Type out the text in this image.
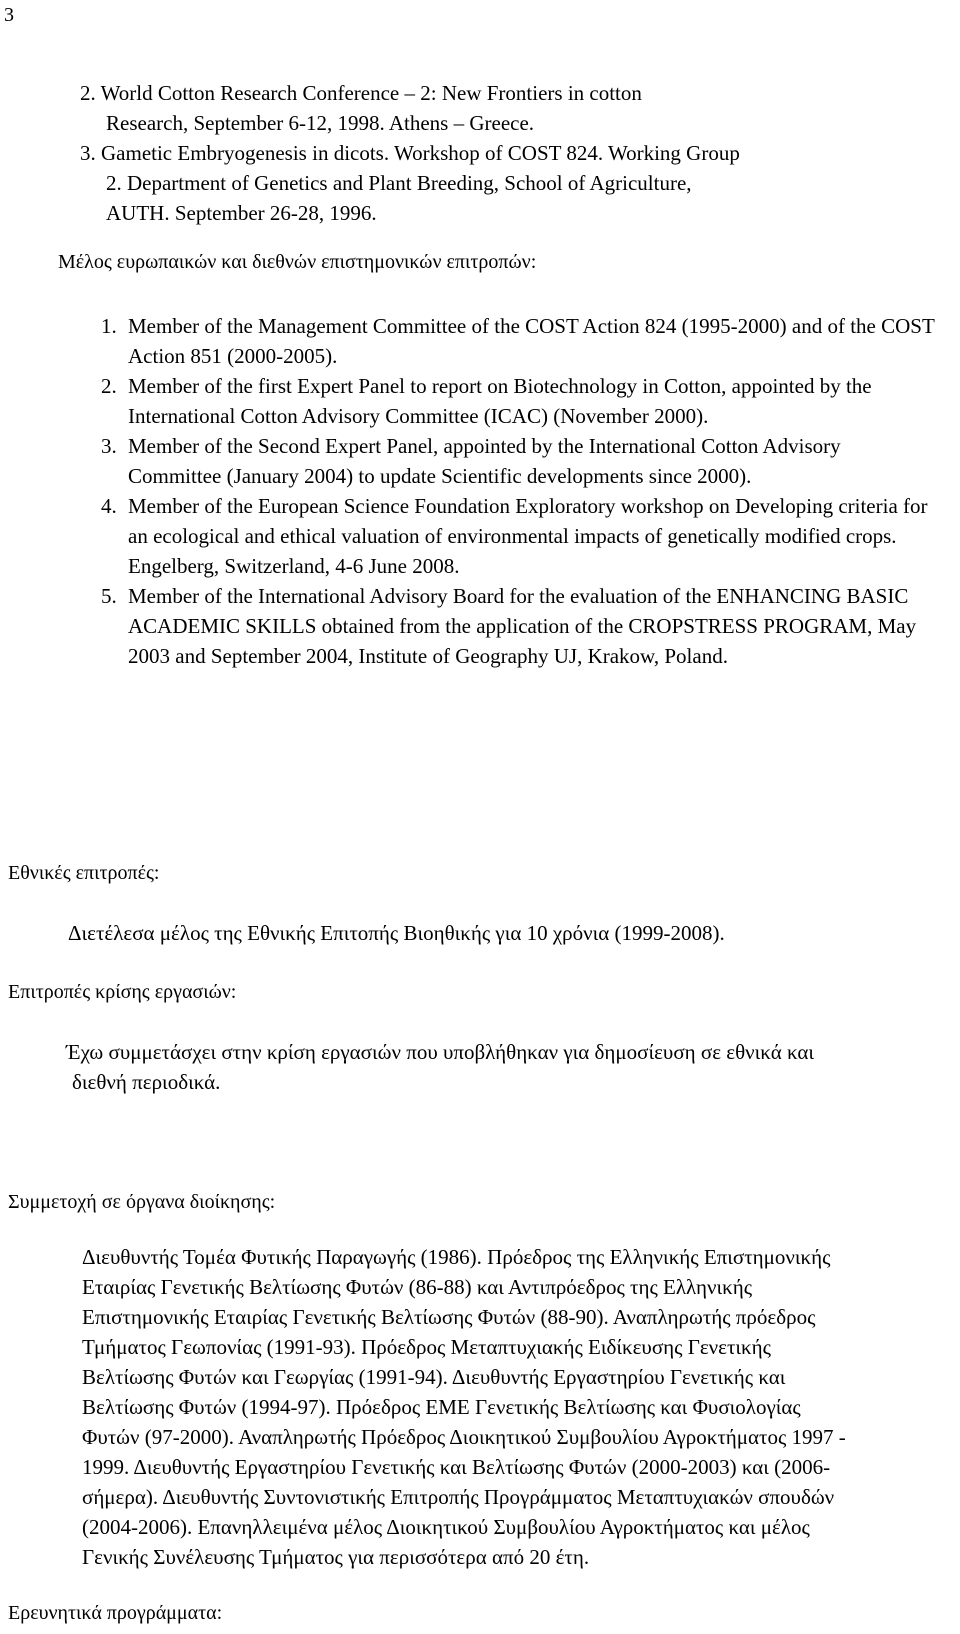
3
2. World Cotton Research Conference – 2: New Frontiers in cotton
Research, September 6-12, 1998. Athens – Greece.
3. Gametic Embryogenesis in dicots. Workshop of COST 824. Working Group
2. Department of Genetics and Plant Breeding, School of Agriculture,
AUTH. September 26-28, 1996.
Μέλος ευρωπαικών και διεθνών επιστημονικών επιτροπών:
1. Member of the Management Committee of the COST Action 824 (1995-2000) and of the COST Action 851 (2000-2005).
2. Member of the first Expert Panel to report on Biotechnology in Cotton, appointed by the International Cotton Advisory Committee (ICAC) (November 2000).
3. Member of the Second Expert Panel, appointed by the International Cotton Advisory Committee (January 2004) to update Scientific developments since 2000).
4. Member of the European Science Foundation Exploratory workshop on Developing criteria for an ecological and ethical valuation of environmental impacts of genetically modified crops. Engelberg, Switzerland, 4-6 June 2008.
5. Member of the International Advisory Board for the evaluation of the ENHANCING BASIC ACADEMIC SKILLS obtained from the application of the CROPSTRESS PROGRAM, May 2003 and September 2004, Institute of Geography UJ, Krakow, Poland.
Εθνικές επιτροπές:
Διετέλεσα μέλος της Εθνικής Επιτοπής Βιοηθικής για 10 χρόνια (1999-2008).
Επιτροπές κρίσης εργασιών:
Έχω συμμετάσχει στην κρίση εργασιών που υποβλήθηκαν για δημοσίευση σε εθνικά και
διεθνή περιοδικά.
Συμμετοχή σε όργανα διοίκησης:
Διευθυντής Τομέα Φυτικής Παραγωγής (1986). Πρόεδρος της Ελληνικής Επιστημονικής
Εταιρίας Γενετικής Βελτίωσης Φυτών (86-88) και Αντιπρόεδρος της Ελληνικής
Επιστημονικής Εταιρίας Γενετικής Βελτίωσης Φυτών (88-90). Αναπληρωτής πρόεδρος
Τμήματος Γεωπονίας (1991-93). Πρόεδρος Μεταπτυχιακής Ειδίκευσης Γενετικής
Βελτίωσης Φυτών και Γεωργίας (1991-94). Διευθυντής Εργαστηρίου Γενετικής και
Βελτίωσης Φυτών (1994-97). Πρόεδρος ΕΜΕ Γενετικής Βελτίωσης και Φυσιολογίας
Φυτών (97-2000). Αναπληρωτής Πρόεδρος Διοικητικού Συμβουλίου Αγροκτήματος 1997 -
1999. Διευθυντής Εργαστηρίου Γενετικής και Βελτίωσης Φυτών (2000-2003) και (2006-
σήμερα). Διευθυντής Συντονιστικής Επιτροπής Προγράμματος Μεταπτυχιακών σπουδών
(2004-2006). Επανηλλειμένα μέλος Διοικητικού Συμβουλίου Αγροκτήματος και μέλος
Γενικής Συνέλευσης Τμήματος για περισσότερα από 20 έτη.
Ερευνητικά προγράμματα:
